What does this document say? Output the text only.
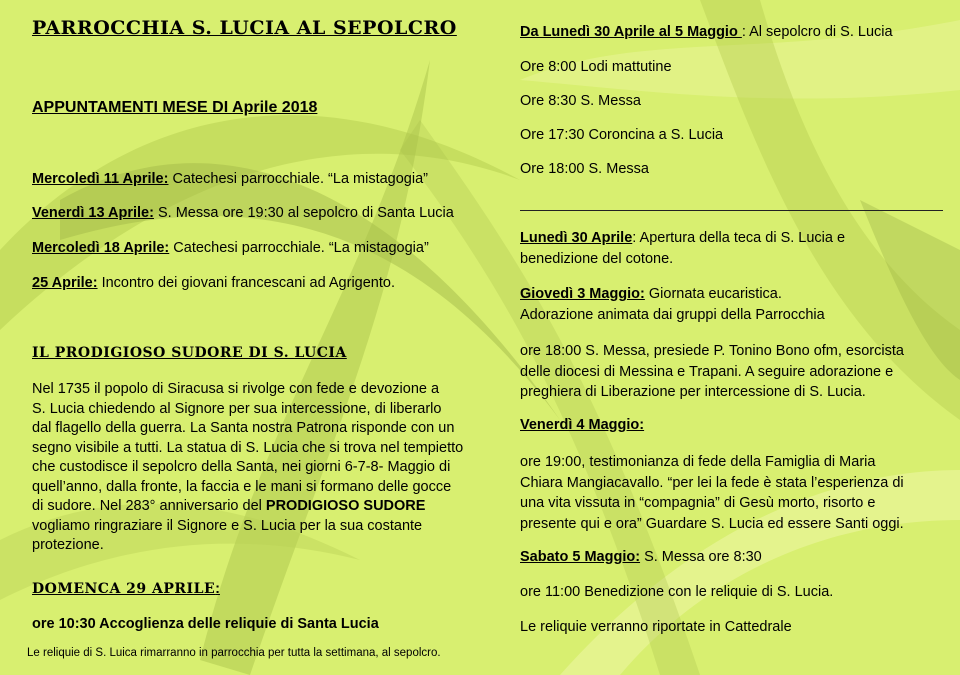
PARROCCHIA S. LUCIA AL SEPOLCRO
APPUNTAMENTI MESE DI Aprile 2018
Mercoledì 11 Aprile: Catechesi parrocchiale. “La mistagogia”
Venerdì 13 Aprile: S. Messa ore 19:30 al sepolcro di Santa Lucia
Mercoledì 18 Aprile: Catechesi parrocchiale. “La mistagogia”
25 Aprile: Incontro dei giovani francescani ad Agrigento.
IL PRODIGIOSO SUDORE DI S. LUCIA
Nel 1735 il popolo di Siracusa si rivolge con fede e devozione a
S. Lucia chiedendo al Signore per sua intercessione, di liberarlo
dal flagello della guerra. La Santa nostra Patrona risponde con un
segno visibile a tutti. La statua di S. Lucia che si trova nel tempietto
che custodisce il sepolcro della Santa, nei giorni 6-7-8- Maggio di
quell’anno, dalla fronte, la faccia e le mani si formano delle gocce
di sudore. Nel 283° anniversario del PRODIGIOSO SUDORE
vogliamo ringraziare il Signore e S. Lucia per la sua costante
protezione.
DOMENCA 29 APRILE:
ore 10:30 Accoglienza delle reliquie di Santa Lucia
Le reliquie di S. Luica rimarranno in parrocchia per tutta la settimana, al sepolcro.
Da Lunedì 30 Aprile al 5 Maggio : Al sepolcro di S. Lucia
Ore 8:00 Lodi mattutine
Ore 8:30 S. Messa
Ore 17:30 Coroncina a S. Lucia
Ore 18:00 S. Messa
Lunedì 30 Aprile: Apertura della teca di S. Lucia e
benedizione del cotone.
Giovedì 3 Maggio: Giornata eucaristica.
Adorazione animata dai gruppi della Parrocchia
ore 18:00 S. Messa, presiede P. Tonino Bono ofm, esorcista
delle diocesi di Messina e Trapani. A seguire adorazione e
preghiera di Liberazione per intercessione di S. Lucia.
Venerdì 4 Maggio:
ore 19:00, testimonianza di fede della Famiglia di Maria
Chiara Mangiacavallo. “per lei la fede è stata l’esperienza di
una vita vissuta in “compagnia” di Gesù morto, risorto e
presente qui e ora” Guardare S. Lucia ed essere Santi oggi.
Sabato 5 Maggio: S. Messa ore 8:30
ore 11:00 Benedizione con le reliquie di S. Lucia.
Le reliquie verranno riportate in Cattedrale
